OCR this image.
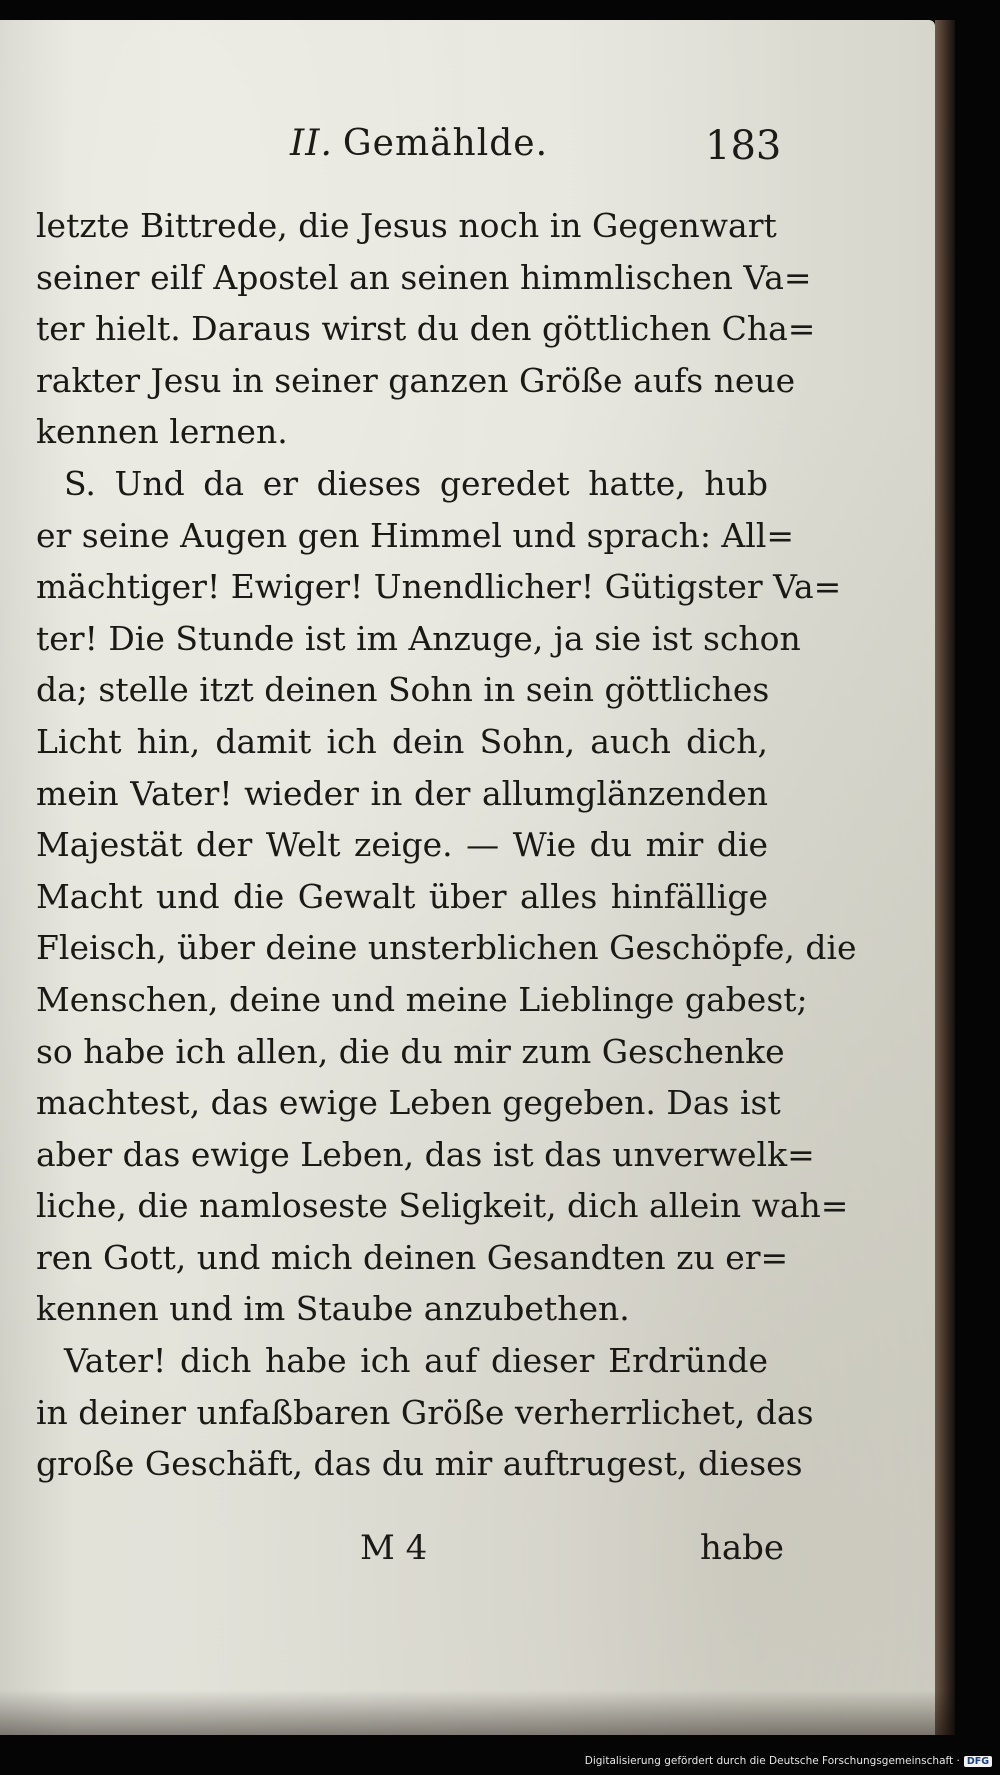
II. Gemählde.	183
letzte Bittrede, die Jesus noch in Gegenwart
seiner eilf Apostel an seinen himmlischen Va=
ter hielt. Daraus wirst du den göttlichen Cha=
rakter Jesu in seiner ganzen Größe aufs neue
kennen lernen.
S. Und da er dieses geredet hatte, hub
er seine Augen gen Himmel und sprach: All=
mächtiger! Ewiger! Unendlicher! Gütigster Va=
ter! Die Stunde ist im Anzuge, ja sie ist schon
da; stelle itzt deinen Sohn in sein göttliches
Licht hin, damit ich dein Sohn, auch dich,
mein Vater! wieder in der allumglänzenden
Majestät der Welt zeige. — Wie du mir die
Macht und die Gewalt über alles hinfällige
Fleisch, über deine unsterblichen Geschöpfe, die
Menschen, deine und meine Lieblinge gabest;
so habe ich allen, die du mir zum Geschenke
machtest, das ewige Leben gegeben. Das ist
aber das ewige Leben, das ist das unverwelk=
liche, die namloseste Seligkeit, dich allein wah=
ren Gott, und mich deinen Gesandten zu er=
kennen und im Staube anzubethen.
Vater! dich habe ich auf dieser Erdründe
in deiner unfaßbaren Größe verherrlichet, das
große Geschäft, das du mir auftrugest, dieses
M 4	habe
Digitalisierung gefördert durch die Deutsche Forschungsgemeinschaft · DFG
